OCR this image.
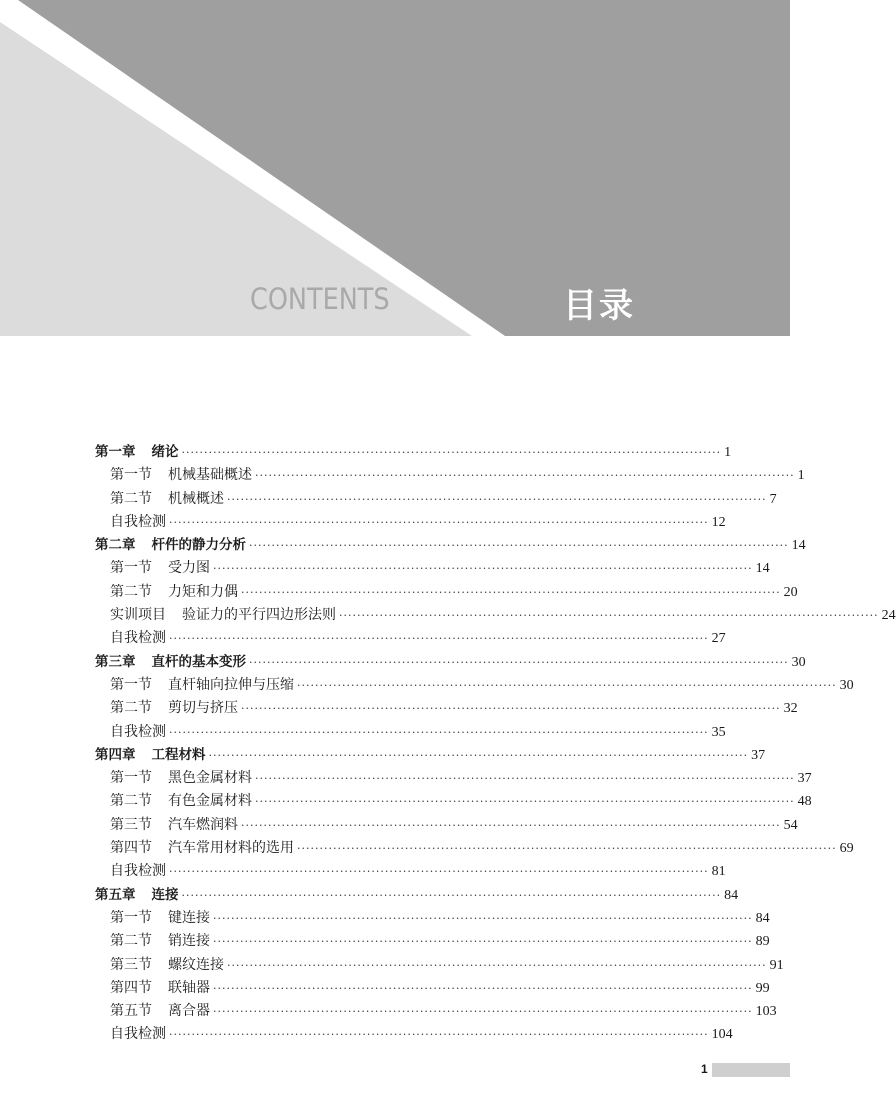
CONTENTS	目录
第一章 绪论 ························································································································ 1
第一节 机械基础概述 ························································································································ 1
第二节 机械概述 ························································································································ 7
自我检测 ························································································································ 12
第二章 杆件的静力分析 ························································································································ 14
第一节 受力图 ························································································································ 14
第二节 力矩和力偶 ························································································································ 20
实训项目 验证力的平行四边形法则 ························································································································ 24
自我检测 ························································································································ 27
第三章 直杆的基本变形 ························································································································ 30
第一节 直杆轴向拉伸与压缩 ························································································································ 30
第二节 剪切与挤压 ························································································································ 32
自我检测 ························································································································ 35
第四章 工程材料 ························································································································ 37
第一节 黑色金属材料 ························································································································ 37
第二节 有色金属材料 ························································································································ 48
第三节 汽车燃润料 ························································································································ 54
第四节 汽车常用材料的选用 ························································································································ 69
自我检测 ························································································································ 81
第五章 连接 ························································································································ 84
第一节 键连接 ························································································································ 84
第二节 销连接 ························································································································ 89
第三节 螺纹连接 ························································································································ 91
第四节 联轴器 ························································································································ 99
第五节 离合器 ························································································································ 103
自我检测 ························································································································ 104
1
